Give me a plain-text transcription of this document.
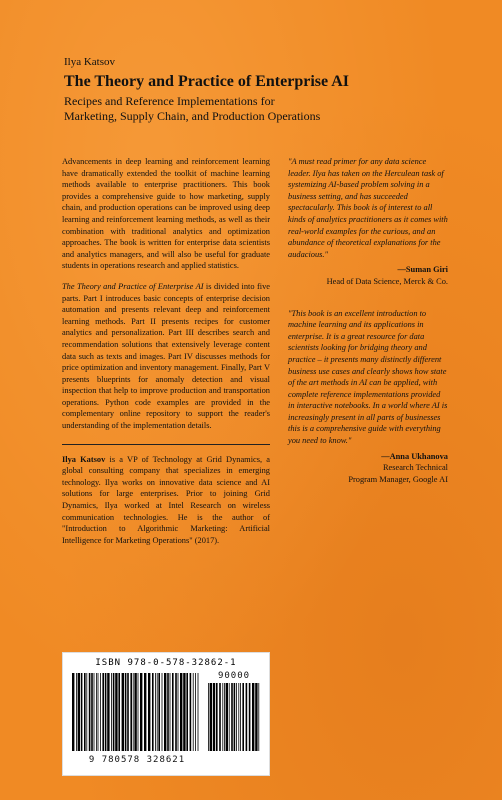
Ilya Katsov
The Theory and Practice of Enterprise AI
Recipes and Reference Implementations for
Marketing, Supply Chain, and Production Operations

Advancements in deep learning and reinforcement learning have dramatically extended the toolkit of machine learning methods available to enterprise practitioners. This book provides a comprehensive guide to how marketing, supply chain, and production operations can be improved using deep learning and reinforcement learning methods, as well as their combination with traditional analytics and optimization approaches. The book is written for enterprise data scientists and analytics managers, and will also be useful for graduate students in operations research and applied statistics.

The Theory and Practice of Enterprise AI is divided into five parts. Part I introduces basic concepts of enterprise decision automation and presents relevant deep and reinforcement learning methods. Part II presents recipes for customer analytics and personalization. Part III describes search and recommendation solutions that extensively leverage content data such as texts and images. Part IV discusses methods for price optimization and inventory management. Finally, Part V presents blueprints for anomaly detection and visual inspection that help to improve production and transportation operations. Python code examples are provided in the complementary online repository to support the reader's understanding of the implementation details.

Ilya Katsov is a VP of Technology at Grid Dynamics, a global consulting company that specializes in emerging technology. Ilya works on innovative data science and AI solutions for large enterprises. Prior to joining Grid Dynamics, Ilya worked at Intel Research on wireless communication technologies. He is the author of "Introduction to Algorithmic Marketing: Artificial Intelligence for Marketing Operations" (2017).

"A must read primer for any data science leader. Ilya has taken on the Herculean task of systemizing AI-based problem solving in a business setting, and has succeeded spectacularly. This book is of interest to all kinds of analytics practitioners as it comes with real-world examples for the curious, and an abundance of theoretical explanations for the audacious."

—Suman Giri
Head of Data Science, Merck & Co.

"This book is an excellent introduction to machine learning and its applications in enterprise. It is a great resource for data scientists looking for bridging theory and practice – it presents many distinctly different business use cases and clearly shows how state of the art methods in AI can be applied, with complete reference implementations provided in interactive notebooks. In a world where AI is increasingly present in all parts of businesses this is a comprehensive guide with everything you need to know."

—Anna Ukhanova
Research Technical
Program Manager, Google AI
ISBN 978-0-578-32862-1
90000
9 780578 328621
